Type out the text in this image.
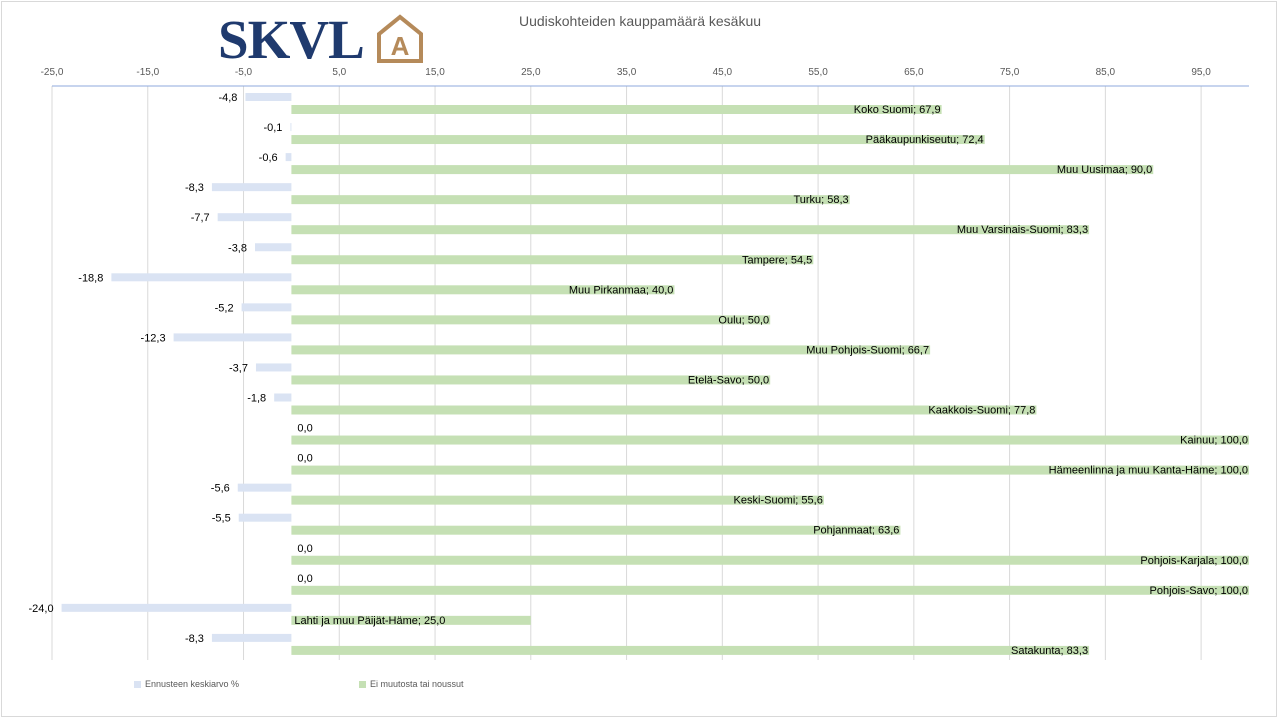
SKVL A
Uudiskohteiden kauppamäärä kesäkuu
-25,0	-15,0	-5,0	5,0	15,0	25,0	35,0	45,0	55,0	65,0	75,0	85,0	95,0
-4,8
Koko Suomi; 67,9
-0,1
Pääkaupunkiseutu; 72,4
-0,6
Muu Uusimaa; 90,0
-8,3
Turku; 58,3
-7,7
Muu Varsinais-Suomi; 83,3
-3,8
Tampere; 54,5
-18,8
Muu Pirkanmaa; 40,0
-5,2
Oulu; 50,0
-12,3
Muu Pohjois-Suomi; 66,7
-3,7
Etelä-Savo; 50,0
-1,8
Kaakkois-Suomi; 77,8
0,0
Kainuu; 100,0
0,0
Hämeenlinna ja muu Kanta-Häme; 100,0
-5,6
Keski-Suomi; 55,6
-5,5
Pohjanmaat; 63,6
0,0
Pohjois-Karjala; 100,0
0,0
Pohjois-Savo; 100,0
-24,0
Lahti ja muu Päijät-Häme; 25,0
-8,3
Satakunta; 83,3
Ennusteen keskiarvo %	Ei muutosta tai noussut
